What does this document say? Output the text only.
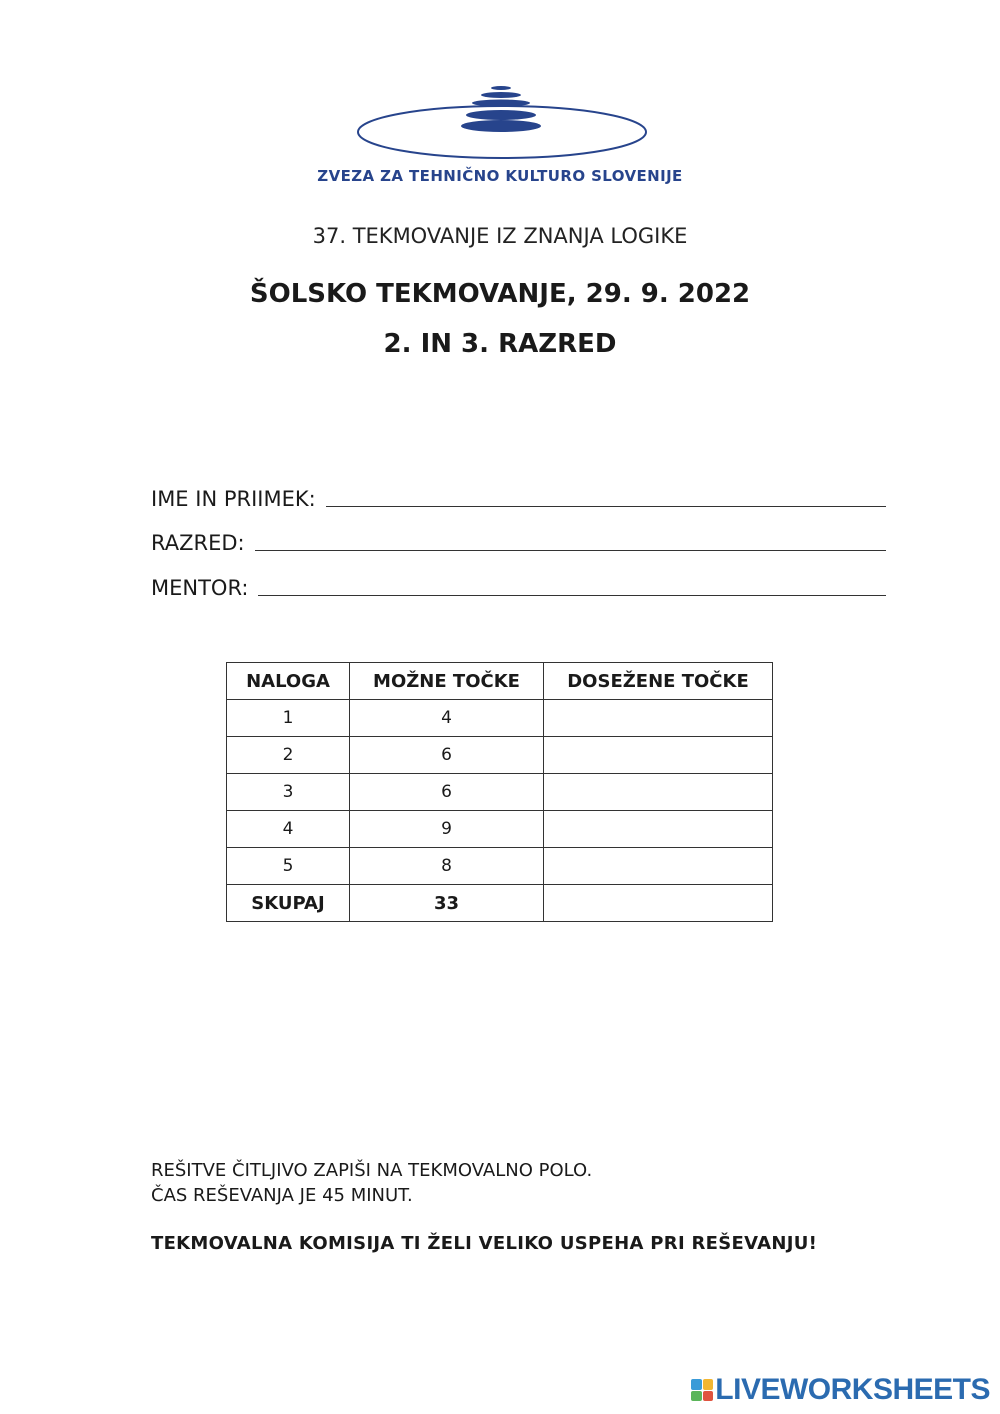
ZVEZA ZA TEHNIČNO KULTURO SLOVENIJE
37. TEKMOVANJE IZ ZNANJA LOGIKE
ŠOLSKO TEKMOVANJE, 29. 9. 2022
2. IN 3. RAZRED
IME IN PRIIMEK:
RAZRED:
MENTOR:
NALOGA	MOŽNE TOČKE	DOSEŽENE TOČKE
1	4	
2	6	
3	6	
4	9	
5	8	
SKUPAJ	33	
REŠITVE ČITLJIVO ZAPIŠI NA TEKMOVALNO POLO.
ČAS REŠEVANJA JE 45 MINUT.
TEKMOVALNA KOMISIJA TI ŽELI VELIKO USPEHA PRI REŠEVANJU!
LIVEWORKSHEETS
